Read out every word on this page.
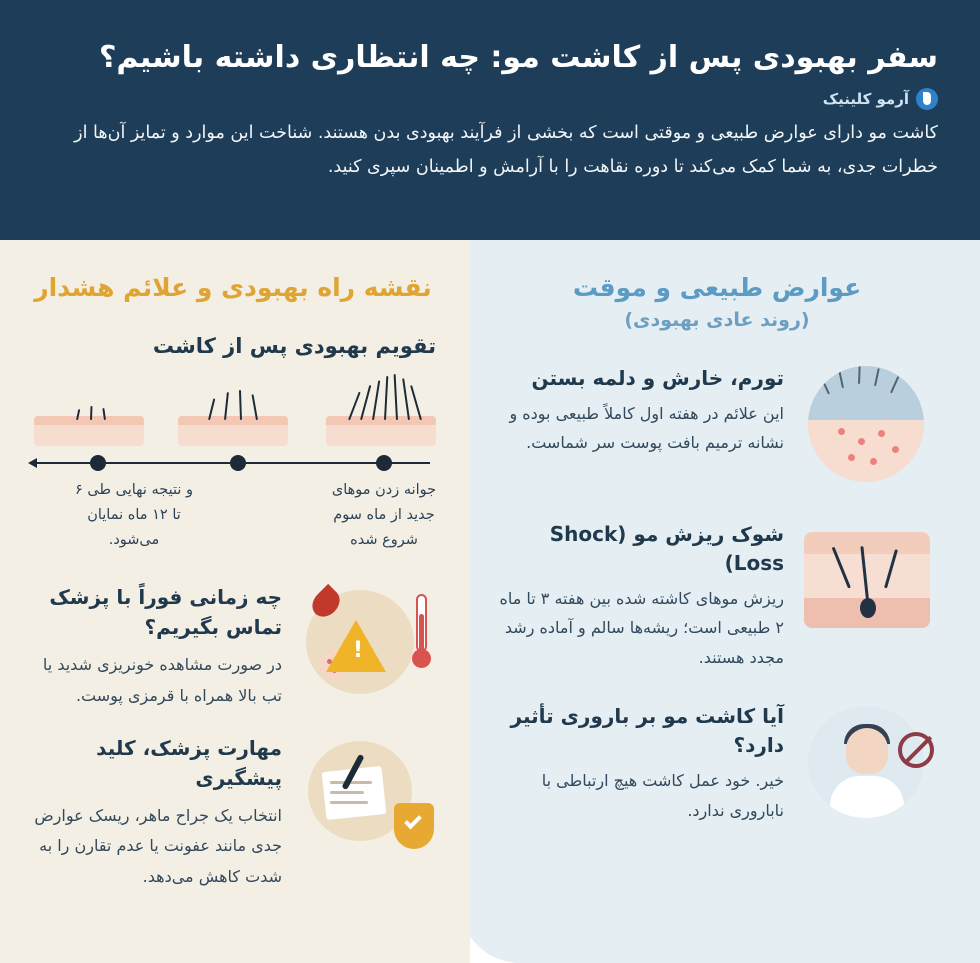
سفر بهبودی پس از کاشت مو: چه انتظاری داشته باشیم؟
آرمو کلینیک

کاشت مو دارای عوارض طبیعی و موقتی است که بخشی از فرآیند بهبودی بدن هستند. شناخت این موارد و تمایز آن‌ها از خطرات جدی، به شما کمک می‌کند تا دوره نقاهت را با آرامش و اطمینان سپری کنید.

عوارض طبیعی و موقت
(روند عادی بهبودی)
تورم، خارش و دلمه بستن

این علائم در هفته اول کاملاً طبیعی بوده و نشانه ترمیم بافت پوست سر شماست.

شوک ریزش مو (Shock Loss)

ریزش موهای کاشته شده بین هفته ۳ تا ماه ۲ طبیعی است؛ ریشه‌ها سالم و آماده رشد مجدد هستند.

آیا کاشت مو بر باروری تأثیر دارد؟

خیر. خود عمل کاشت هیچ ارتباطی با ناباروری ندارد.

نقشه راه بهبودی و علائم هشدار
تقویم بهبودی پس از کاشت
جوانه زدن موهای جدید از ماه سوم شروع شده
و نتیجه نهایی طی ۶ تا ۱۲ ماه نمایان می‌شود.
چه زمانی فوراً با پزشک تماس بگیریم؟

در صورت مشاهده خونریزی شدید یا تب بالا همراه با قرمزی پوست.

!
مهارت پزشک، کلید پیشگیری

انتخاب یک جراح ماهر، ریسک عوارض جدی مانند عفونت یا عدم تقارن را به شدت کاهش می‌دهد.
